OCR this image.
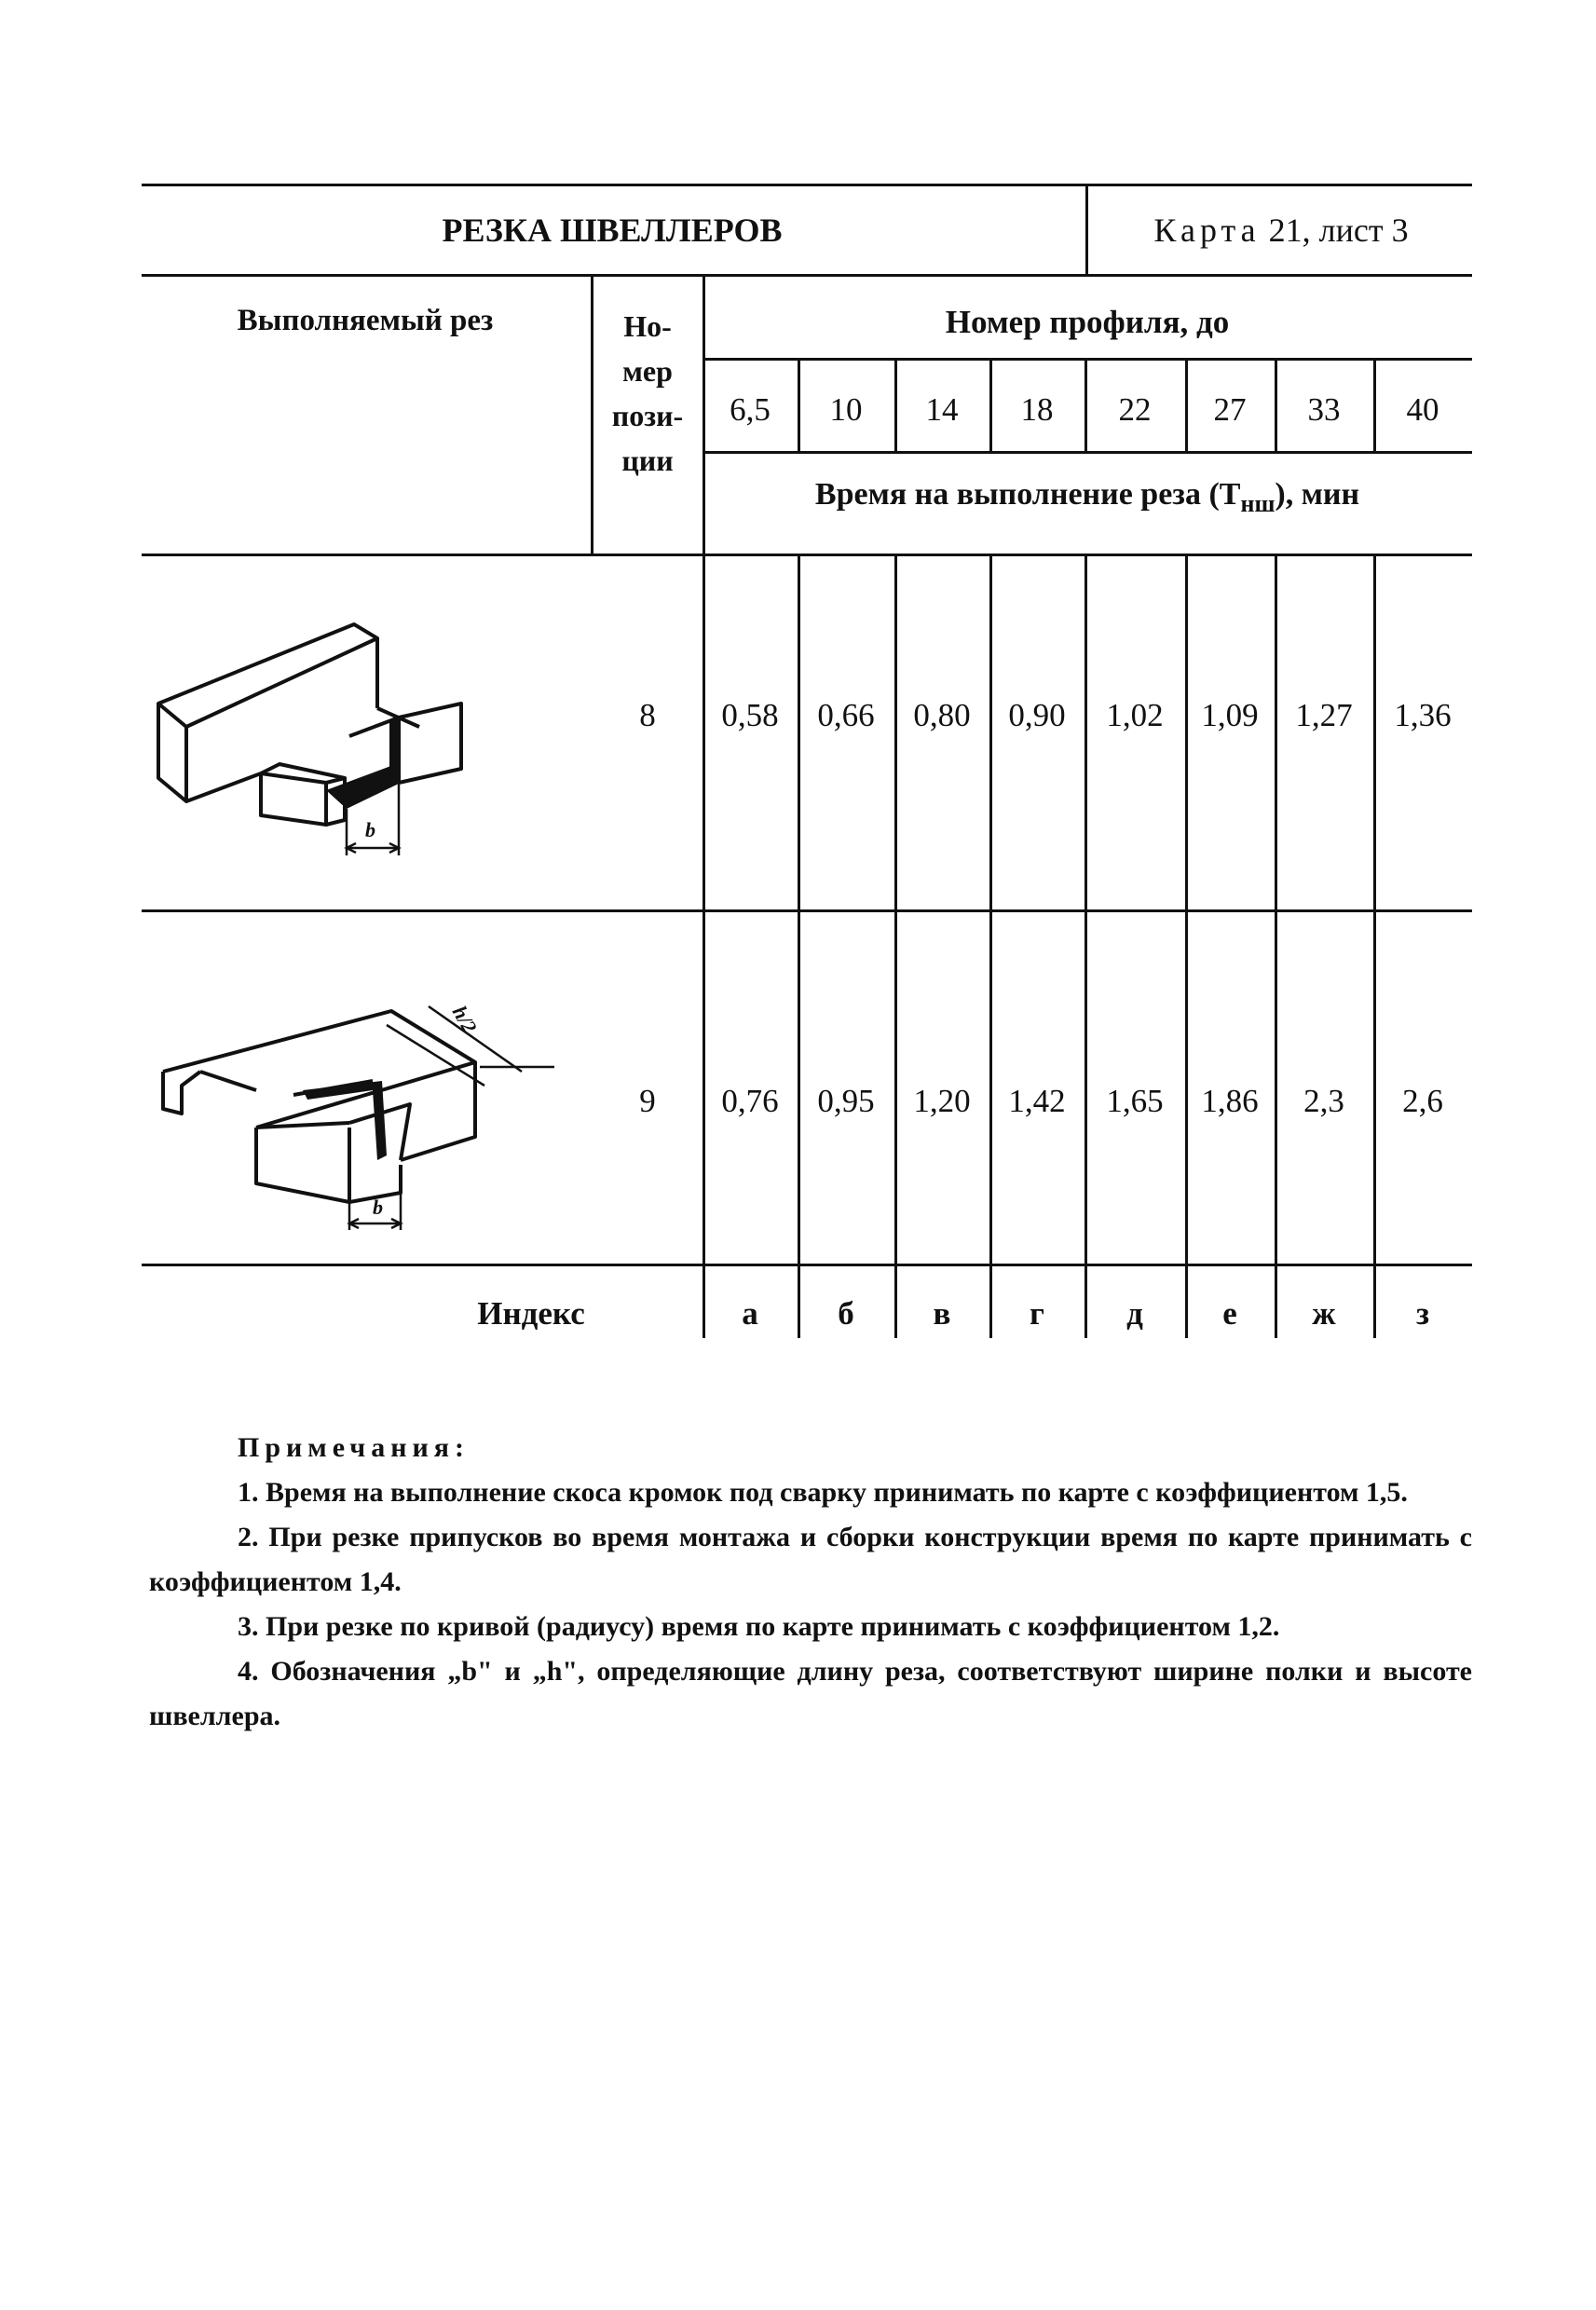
РЕЗКА ШВЕЛЛЕРОВ	Карта 21, лист 3
Выполняемый рез	Но-
мер
пози-
ции
Номер профиля, до
6,5	10	14	18	22	27	33	40
Время на выполнение реза $(Т_{нш})$, мин
b
b
h/2
8	0,58	0,66	0,80	0,90	1,02	1,09	1,27	1,36
9	0,76	0,95	1,20	1,42	1,65	1,86	2,3	2,6
Индекс	а	б	в	г	д	е	ж	з
Примечания:

1. Время на выполнение скоса кромок под сварку принимать по карте с коэффициентом 1,5.

2. При резке припусков во время монтажа и сборки конструкции время по карте принимать с коэффициентом 1,4.

3. При резке по кривой (радиусу) время по карте принимать с коэффициентом 1,2.

4. Обозначения „b" и „h", определяющие длину реза, соответствуют ширине полки и высоте швеллера.
